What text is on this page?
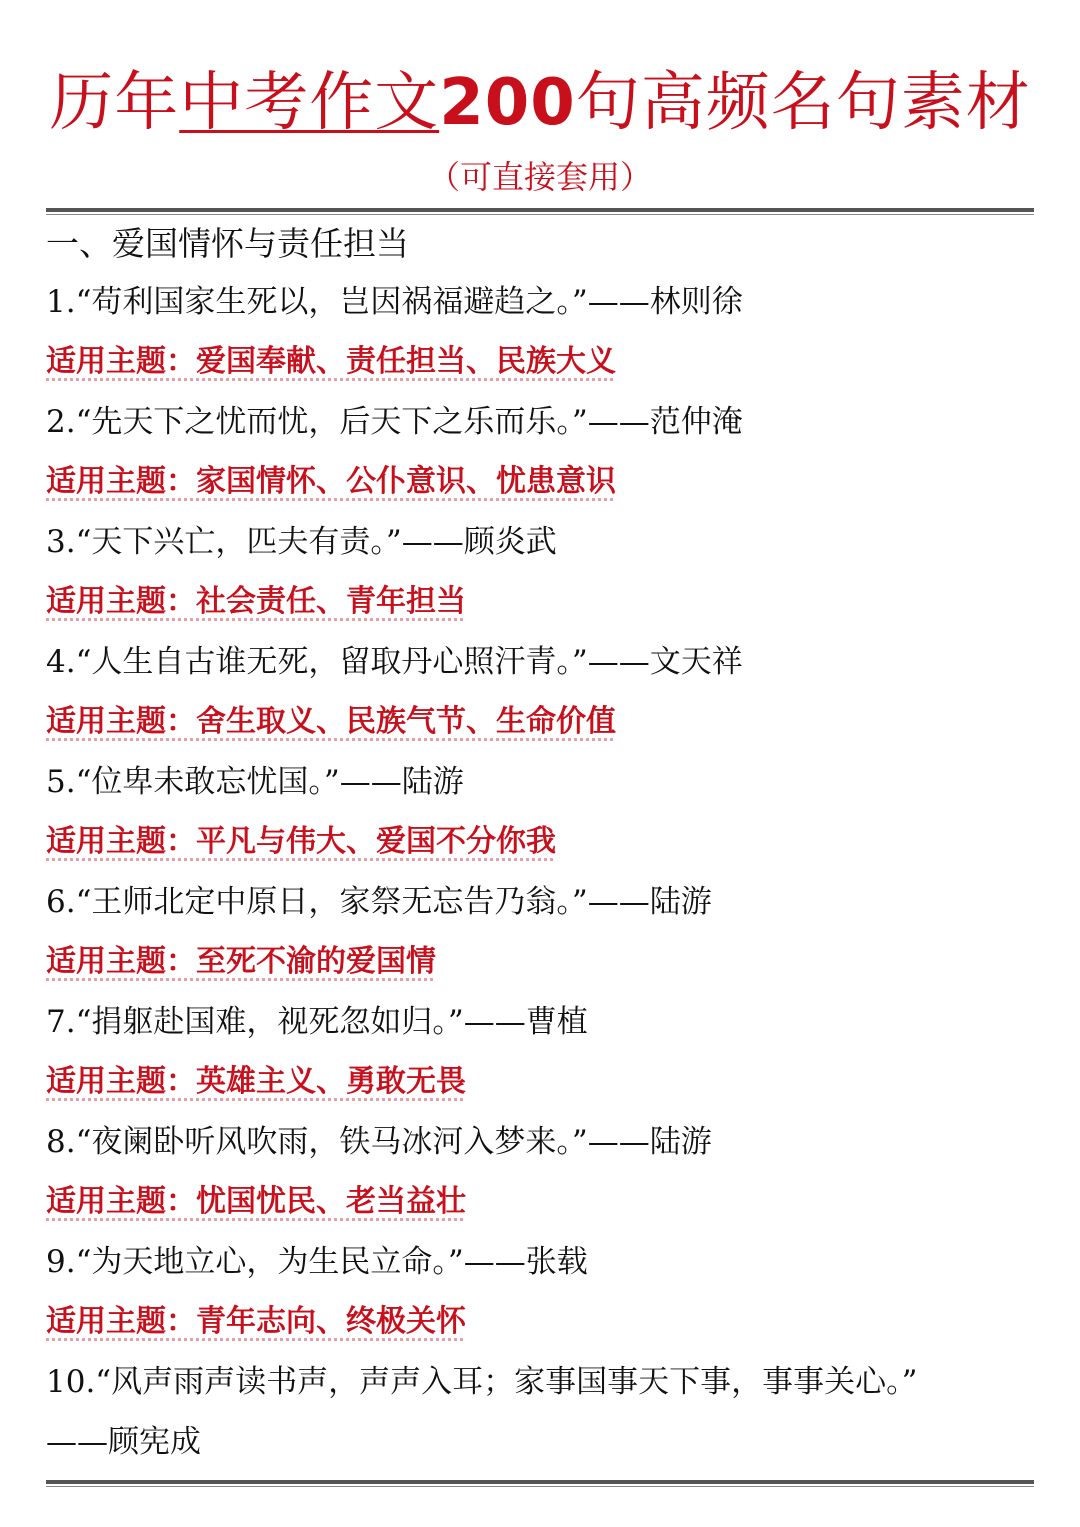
历年中考作文200句高频名句素材
（可直接套用）
一、爱国情怀与责任担当
1.“苟利国家生死以，岂因祸福避趋之。”——林则徐
适用主题：爱国奉献、责任担当、民族大义
2.“先天下之忧而忧，后天下之乐而乐。”——范仲淹
适用主题：家国情怀、公仆意识、忧患意识
3.“天下兴亡，匹夫有责。”——顾炎武
适用主题：社会责任、青年担当
4.“人生自古谁无死，留取丹心照汗青。”——文天祥
适用主题：舍生取义、民族气节、生命价值
5.“位卑未敢忘忧国。”——陆游
适用主题：平凡与伟大、爱国不分你我
6.“王师北定中原日，家祭无忘告乃翁。”——陆游
适用主题：至死不渝的爱国情
7.“捐躯赴国难，视死忽如归。”——曹植
适用主题：英雄主义、勇敢无畏
8.“夜阑卧听风吹雨，铁马冰河入梦来。”——陆游
适用主题：忧国忧民、老当益壮
9.“为天地立心，为生民立命。”——张载
适用主题：青年志向、终极关怀
10.“风声雨声读书声，声声入耳；家事国事天下事，事事关心。”
——顾宪成
